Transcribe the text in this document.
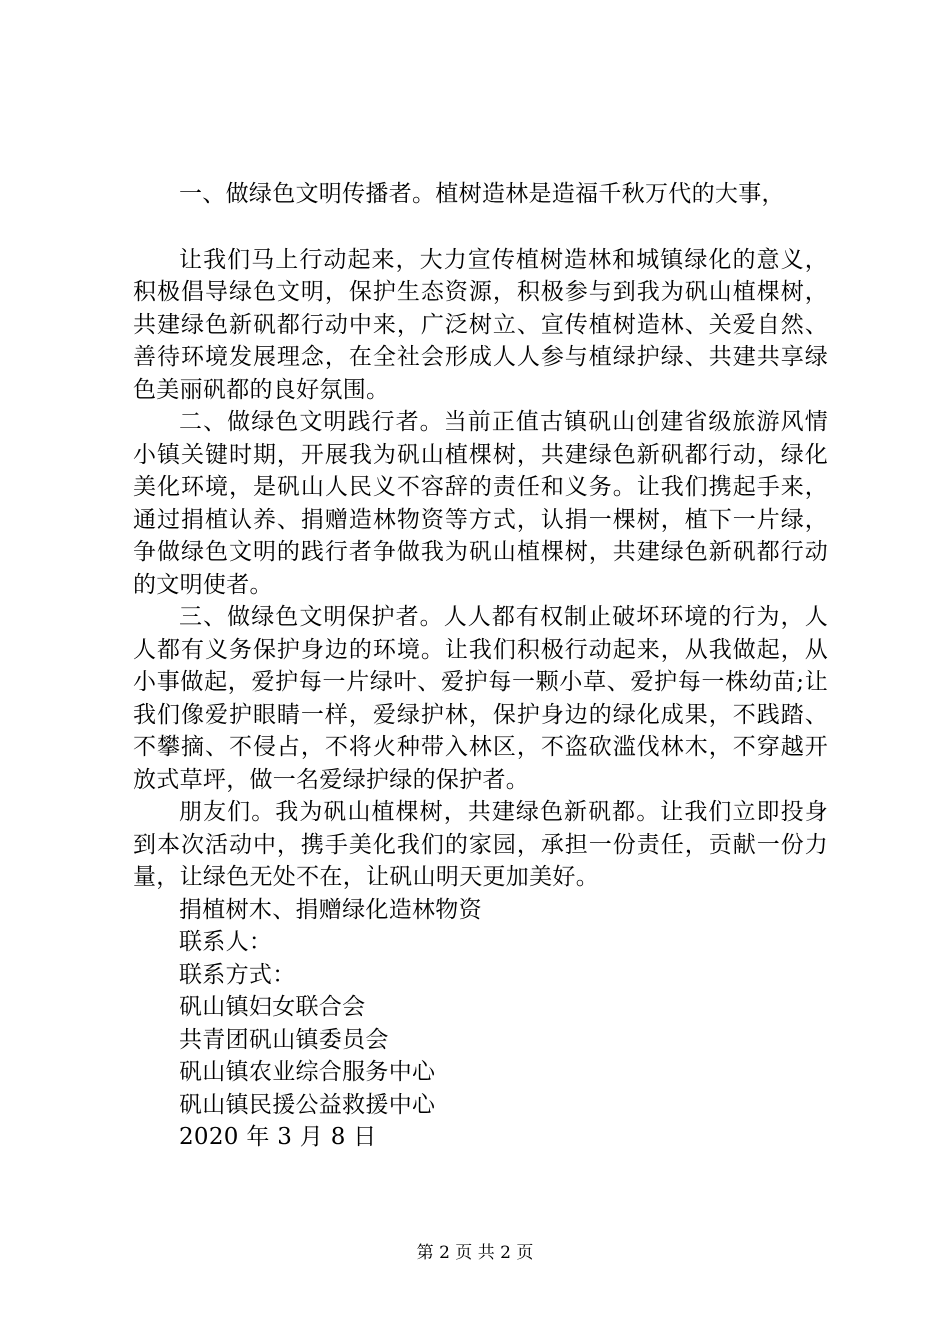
一、做绿色文明传播者。植树造林是造福千秋万代的大事，

让我们马上行动起来，大力宣传植树造林和城镇绿化的意义，积极倡导绿色文明，保护生态资源，积极参与到我为矾山植棵树，共建绿色新矾都行动中来，广泛树立、宣传植树造林、关爱自然、善待环境发展理念，在全社会形成人人参与植绿护绿、共建共享绿色美丽矾都的良好氛围。

二、做绿色文明践行者。当前正值古镇矾山创建省级旅游风情小镇关键时期，开展我为矾山植棵树，共建绿色新矾都行动，绿化美化环境，是矾山人民义不容辞的责任和义务。让我们携起手来，通过捐植认养、捐赠造林物资等方式，认捐一棵树，植下一片绿，争做绿色文明的践行者争做我为矾山植棵树，共建绿色新矾都行动的文明使者。

三、做绿色文明保护者。人人都有权制止破坏环境的行为，人人都有义务保护身边的环境。让我们积极行动起来，从我做起，从小事做起，爱护每一片绿叶、爱护每一颗小草、爱护每一株幼苗;让我们像爱护眼睛一样，爱绿护林，保护身边的绿化成果，不践踏、不攀摘、不侵占，不将火种带入林区，不盗砍滥伐林木，不穿越开放式草坪，做一名爱绿护绿的保护者。

朋友们。我为矾山植棵树，共建绿色新矾都。让我们立即投身到本次活动中，携手美化我们的家园，承担一份责任，贡献一份力量，让绿色无处不在，让矾山明天更加美好。

捐植树木、捐赠绿化造林物资

联系人：

联系方式：

矾山镇妇女联合会

共青团矾山镇委员会

矾山镇农业综合服务中心

矾山镇民援公益救援中心

2020 年 3 月 8 日

第 2 页 共 2 页
